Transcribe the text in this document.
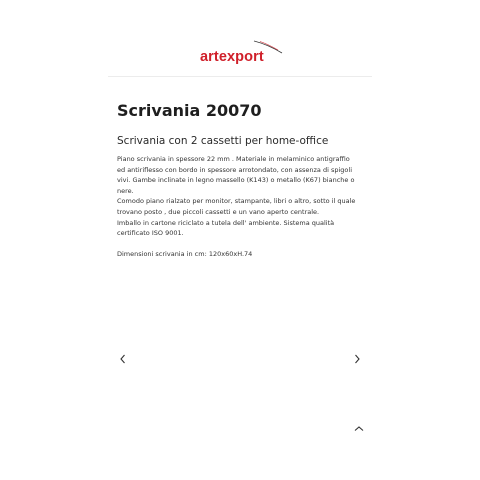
artexport
Scrivania 20070
Scrivania con 2 cassetti per home-office

Piano scrivania in spessore 22 mm . Materiale in melaminico antigraffio

ed antiriflesso con bordo in spessore arrotondato, con assenza di spigoli

vivi. Gambe inclinate in legno massello (K143) o metallo (K67) bianche o

nere.

Comodo piano rialzato per monitor, stampante, libri o altro, sotto il quale

trovano posto , due piccoli cassetti e un vano aperto centrale.

Imballo in cartone riciclato a tutela dell' ambiente. Sistema qualità

certificato ISO 9001.

Dimensioni scrivania in cm: 120x60xH.74
